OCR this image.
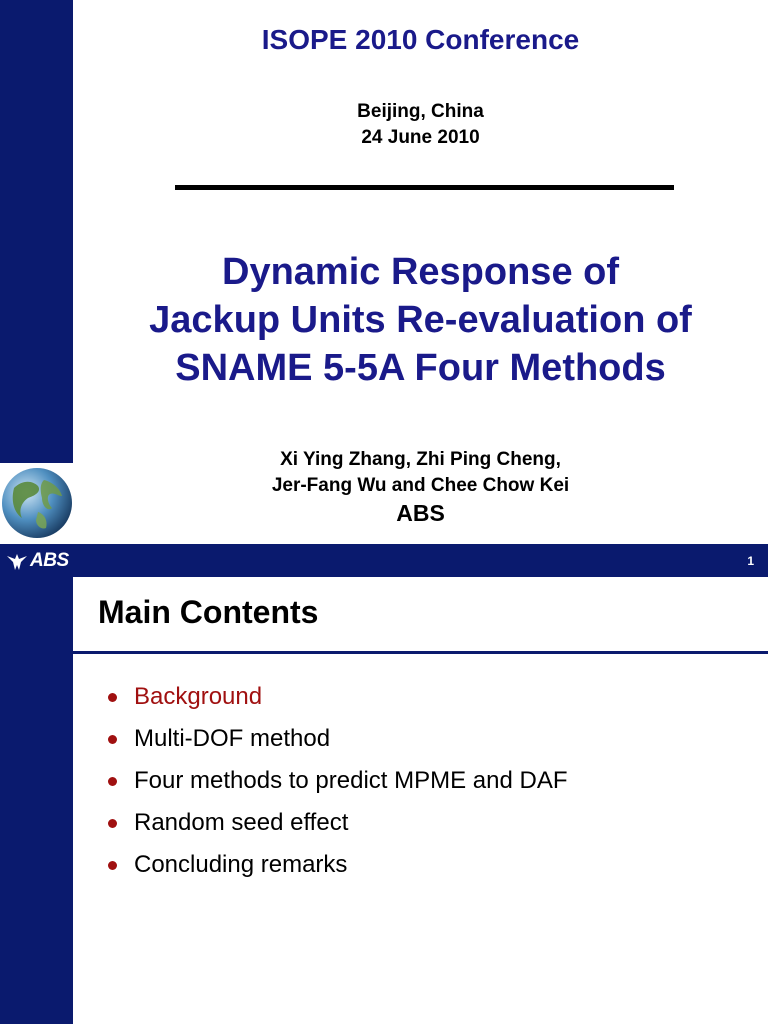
ISOPE 2010 Conference
Beijing, China
24 June 2010
Dynamic Response of
Jackup Units Re-evaluation of
SNAME 5-5A Four Methods
Xi Ying Zhang, Zhi Ping Cheng,
Jer-Fang Wu and Chee Chow Kei
ABS
ABS	1
Main Contents
Background
Multi-DOF method
Four methods to predict MPME and DAF
Random seed effect
Concluding remarks
